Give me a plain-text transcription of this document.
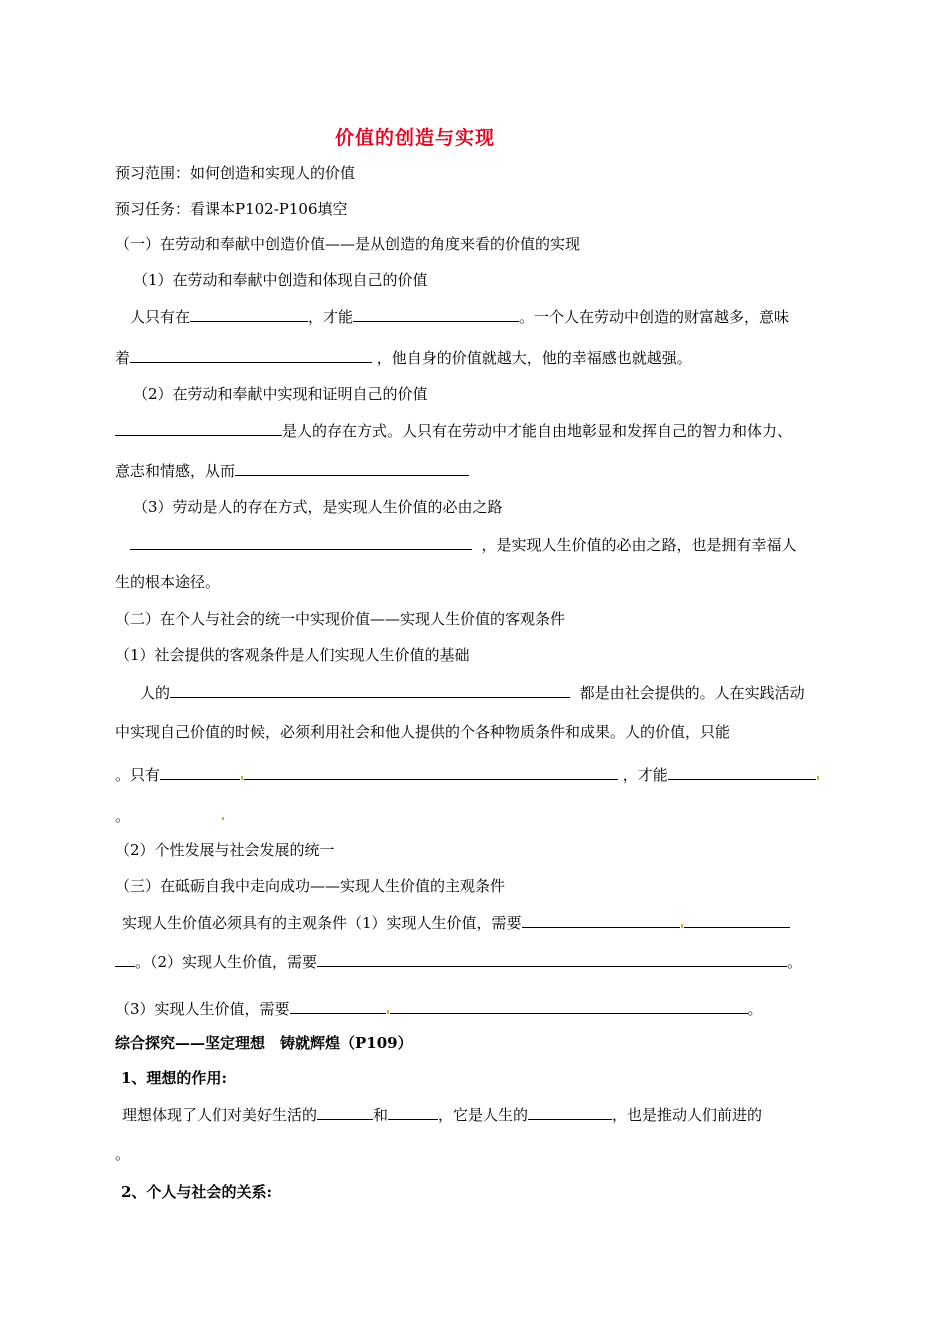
价值的创造与实现
预习范围：如何创造和实现人的价值
预习任务：看课本P102-P106填空
（一）在劳动和奉献中创造价值——是从创造的角度来看的价值的实现
（1）在劳动和奉献中创造和体现自己的价值
人只有在	，才能	。一个人在劳动中创造的财富越多，意味
着	，他自身的价值就越大，他的幸福感也就越强。
（2）在劳动和奉献中实现和证明自己的价值
是人的存在方式。人只有在劳动中才能自由地彰显和发挥自己的智力和体力、
意志和情感，从而
（3）劳动是人的存在方式，是实现人生价值的必由之路
，是实现人生价值的必由之路，也是拥有幸福人
生的根本途径。
（二）在个人与社会的统一中实现价值——实现人生价值的客观条件
（1）社会提供的客观条件是人们实现人生价值的基础
人的	都是由社会提供的。人在实践活动
中实现自己价值的时候，必须利用社会和他人提供的个各种物质条件和成果。人的价值，只能
。只有	，才能
。
（2）个性发展与社会发展的统一
（三）在砥砺自我中走向成功——实现人生价值的主观条件
实现人生价值必须具有的主观条件（1）实现人生价值，需要
。（2）实现人生价值，需要	。
（3）实现人生价值，需要	。
综合探究——坚定理想　铸就辉煌（P109）
1、理想的作用:
理想体现了人们对美好生活的	和	，它是人生的	，也是推动人们前进的
。
2、个人与社会的关系:
